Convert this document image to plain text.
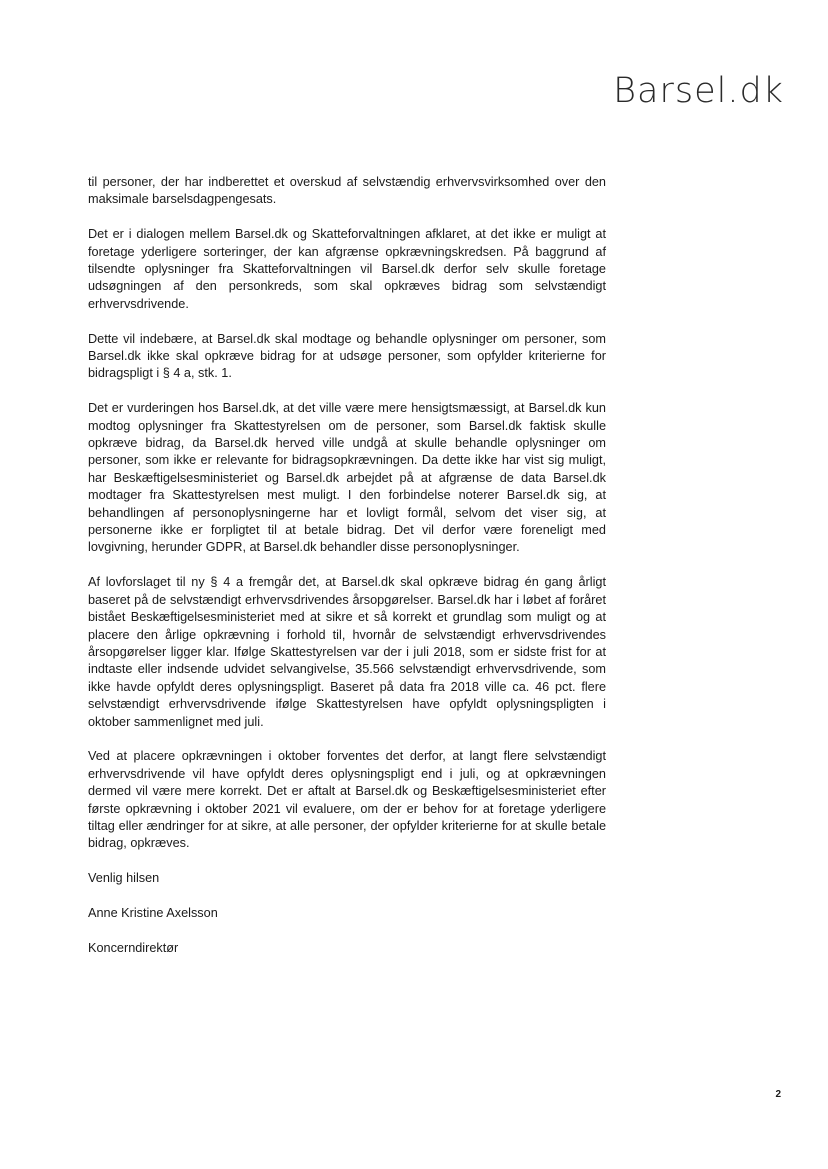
Barsel.dk

til personer, der har indberettet et overskud af selvstændig erhvervsvirksomhed over den maksimale barselsdagpengesats.

Det er i dialogen mellem Barsel.dk og Skatteforvaltningen afklaret, at det ikke er muligt at foretage yderligere sorteringer, der kan afgrænse opkrævningskredsen. På baggrund af tilsendte oplysninger fra Skatteforvaltningen vil Barsel.dk derfor selv skulle foretage udsøgningen af den personkreds, som skal opkræves bidrag som selvstændigt erhvervsdrivende.

Dette vil indebære, at Barsel.dk skal modtage og behandle oplysninger om personer, som Barsel.dk ikke skal opkræve bidrag for at udsøge personer, som opfylder kriterierne for bidragspligt i § 4 a, stk. 1.

Det er vurderingen hos Barsel.dk, at det ville være mere hensigtsmæssigt, at Barsel.dk kun modtog oplysninger fra Skattestyrelsen om de personer, som Barsel.dk faktisk skulle opkræve bidrag, da Barsel.dk herved ville undgå at skulle behandle oplysninger om personer, som ikke er relevante for bidragsopkrævningen. Da dette ikke har vist sig muligt, har Beskæftigelsesministeriet og Barsel.dk arbejdet på at afgrænse de data Barsel.dk modtager fra Skattestyrelsen mest muligt. I den forbindelse noterer Barsel.dk sig, at behandlingen af personoplysningerne har et lovligt formål, selvom det viser sig, at personerne ikke er forpligtet til at betale bidrag. Det vil derfor være foreneligt med lovgivning, herunder GDPR, at Barsel.dk behandler disse personoplysninger.

Af lovforslaget til ny § 4 a fremgår det, at Barsel.dk skal opkræve bidrag én gang årligt baseret på de selvstændigt erhvervsdrivendes årsopgørelser. Barsel.dk har i løbet af foråret bistået Beskæftigelsesministeriet med at sikre et så korrekt et grundlag som muligt og at placere den årlige opkrævning i forhold til, hvornår de selvstændigt erhvervsdrivendes årsopgørelser ligger klar. Ifølge Skattestyrelsen var der i juli 2018, som er sidste frist for at indtaste eller indsende udvidet selvangivelse, 35.566 selvstændigt erhvervsdrivende, som ikke havde opfyldt deres oplysningspligt. Baseret på data fra 2018 ville ca. 46 pct. flere selvstændigt erhvervsdrivende ifølge Skattestyrelsen have opfyldt oplysningspligten i oktober sammenlignet med juli.

Ved at placere opkrævningen i oktober forventes det derfor, at langt flere selvstændigt erhvervsdrivende vil have opfyldt deres oplysningspligt end i juli, og at opkrævningen dermed vil være mere korrekt. Det er aftalt at Barsel.dk og Beskæftigelsesministeriet efter første opkrævning i oktober 2021 vil evaluere, om der er behov for at foretage yderligere tiltag eller ændringer for at sikre, at alle personer, der opfylder kriterierne for at skulle betale bidrag, opkræves.

Venlig hilsen

Anne Kristine Axelsson

Koncerndirektør

2
